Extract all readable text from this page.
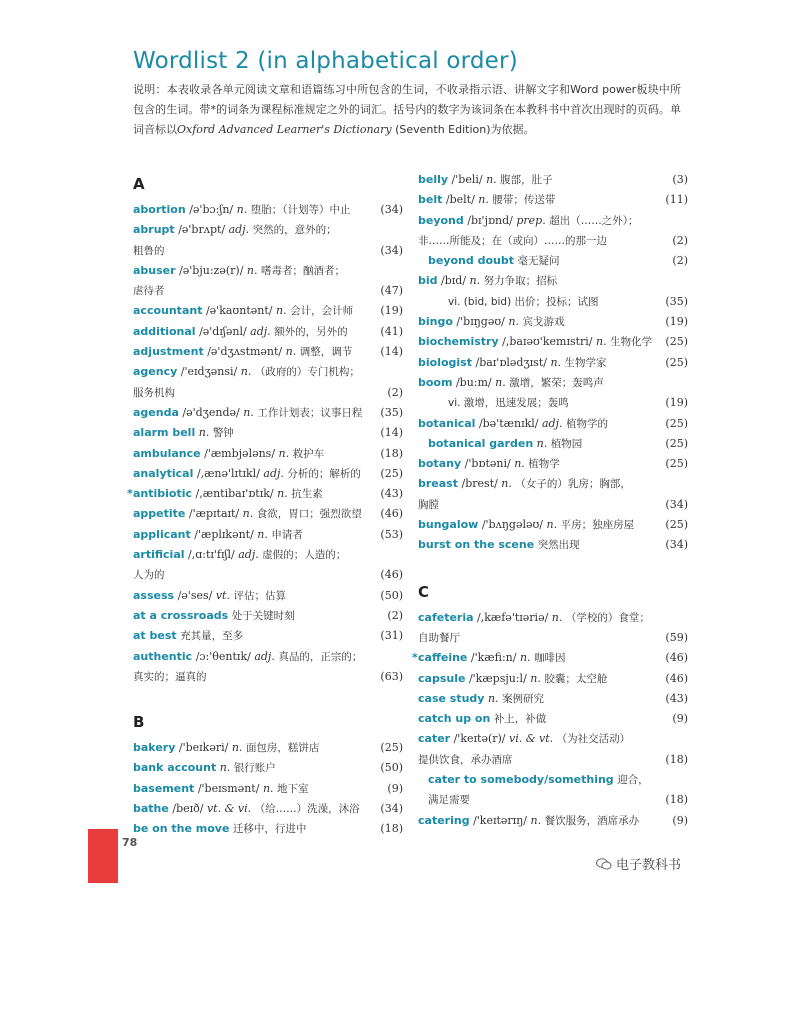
Wordlist 2 (in alphabetical order)

说明：本表收录各单元阅读文章和语篇练习中所包含的生词，不收录指示语、讲解文字和Word power板块中所包含的生词。带*的词条为课程标准规定之外的词汇。括号内的数字为该词条在本教科书中首次出现时的页码。单词音标以Oxford Advanced Learner's Dictionary (Seventh Edition)为依据。

A
abortion /ə'bɔ:ʃn/ n. 堕胎；（计划等）中止	(34)
abrupt /ə'brʌpt/ adj. 突然的，意外的；
粗鲁的	(34)
abuser /ə'bju:zə(r)/ n. 嗜毒者；酗酒者；
虐待者	(47)
accountant /ə'kaʊntənt/ n. 会计，会计师 (19)
additional /ə'dɪʃənl/ adj. 额外的，另外的	(41)
adjustment /ə'dʒʌstmənt/ n. 调整，调节	(14)
agency /'eɪdʒənsi/ n. （政府的）专门机构；
服务机构	(2)
agenda /ə'dʒendə/ n. 工作计划表；议事日程 (35)
alarm bell n. 警钟	(14)
ambulance /'æmbjələns/ n. 救护车	(18)
analytical /,ænə'lɪtɪkl/ adj. 分析的；解析的 (25)
* antibiotic /,æntibaɪ'ɒtɪk/ n. 抗生素	(43)
appetite /'æpɪtaɪt/ n. 食欲，胃口；强烈欲望 (46)
applicant /'æplɪkənt/ n. 申请者	(53)
artificial /,ɑ:tɪ'fɪʃl/ adj. 虚假的；人造的；
人为的	(46)
assess /ə'ses/ vt. 评估；估算	(50)
at a crossroads 处于关键时刻	(2)
at best 充其量，至多	(31)
authentic /ɔ:'θentɪk/ adj. 真品的，正宗的；
真实的；逼真的	(63)
B
bakery /'beɪkəri/ n. 面包房，糕饼店	(25)
bank account n. 银行账户	(50)
basement /'beɪsmənt/ n. 地下室	(9)
bathe /beɪð/ vt. & vi. （给……）洗澡，沐浴 (34)
be on the move 迁移中，行进中	(18)
belly /'beli/ n. 腹部，肚子	(3)
belt /belt/ n. 腰带；传送带	(11)
beyond /bɪ'jɒnd/ prep. 超出（……之外）；
非……所能及；在（或向）……的那一边	(2)
beyond doubt 毫无疑问	(2)
bid /bɪd/ n. 努力争取；招标
vi. (bid, bid) 出价；投标；试图	(35)
bingo /'bɪŋgəʊ/ n. 宾戈游戏	(19)
biochemistry /,baɪəʊ'kemɪstri/ n. 生物化学 (25)
biologist /baɪ'ɒlədʒɪst/ n. 生物学家	(25)
boom /bu:m/ n. 激增，繁荣；轰鸣声
vi. 激增，迅速发展；轰鸣	(19)
botanical /bə'tænɪkl/ adj. 植物学的	(25)
botanical garden n. 植物园	(25)
botany /'bɒtəni/ n. 植物学	(25)
breast /brest/ n. （女子的）乳房；胸部，
胸膛	(34)
bungalow /'bʌŋgələʊ/ n. 平房；独座房屋	(25)
burst on the scene 突然出现	(34)
C
cafeteria /,kæfə'tɪəriə/ n. （学校的）食堂；
自助餐厅	(59)
* caffeine /'kæfi:n/ n. 咖啡因	(46)
capsule /'kæpsju:l/ n. 胶囊；太空舱	(46)
case study n. 案例研究	(43)
catch up on 补上，补做	(9)
cater /'keɪtə(r)/ vi. & vt. （为社交活动）
提供饮食，承办酒席	(18)
cater to somebody/something 迎合，
满足需要	(18)
catering /'keɪtərɪŋ/ n. 餐饮服务，酒席承办	(9)
78
电子教科书
